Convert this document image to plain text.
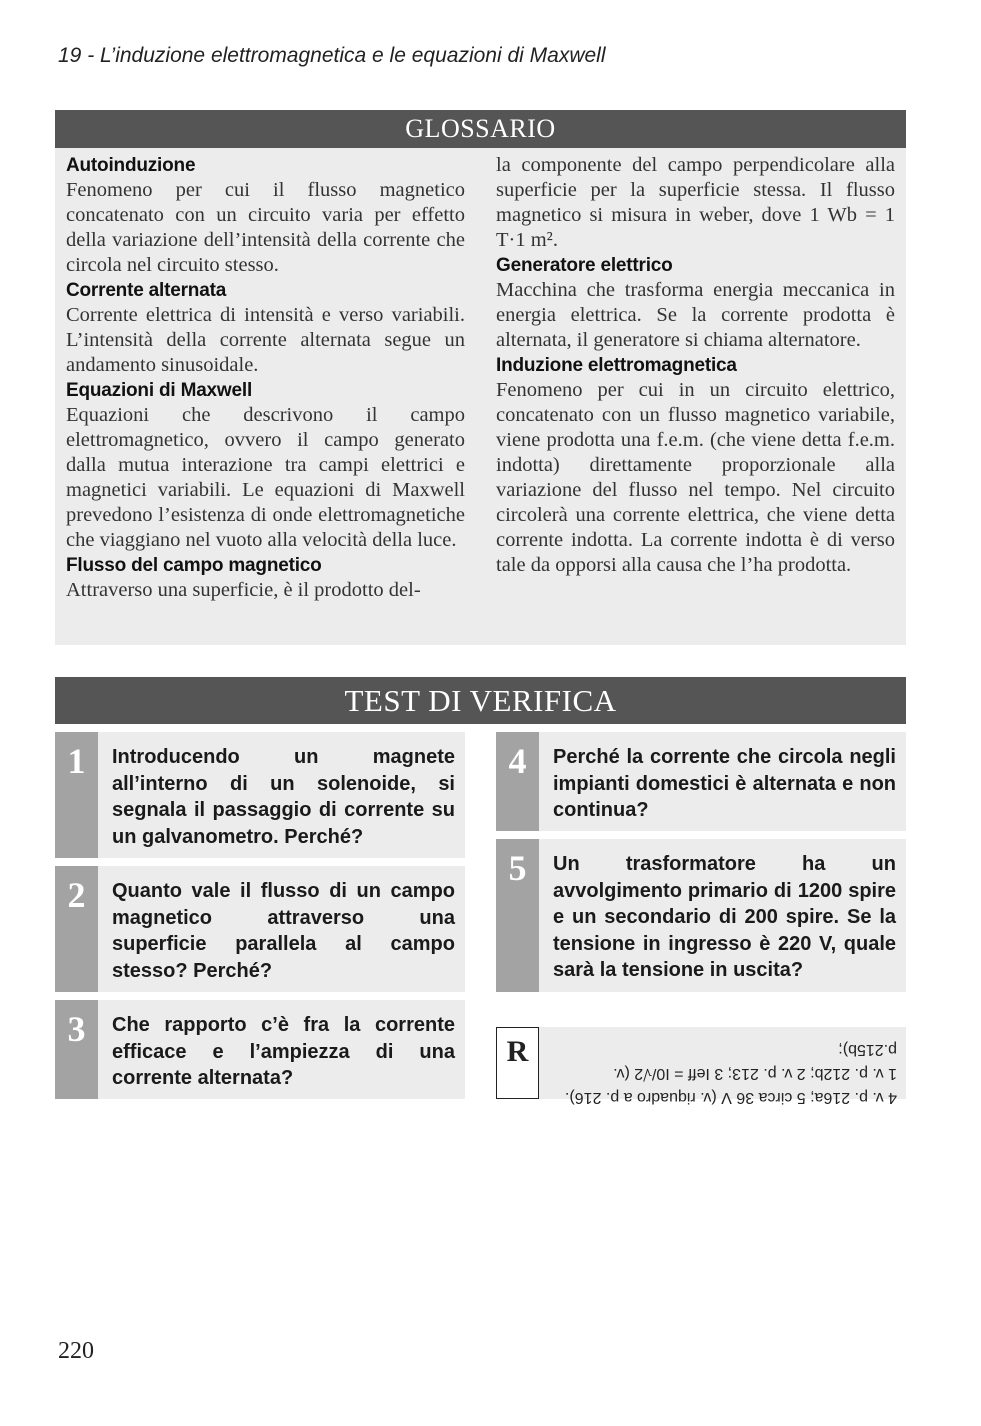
19 - L’induzione elettromagnetica e le equazioni di Maxwell
GLOSSARIO
Autoinduzione
Fenomeno per cui il flusso magnetico concatenato con un circuito varia per effetto della variazione dell’intensità della corrente che circola nel circuito stesso.
Corrente alternata
Corrente elettrica di intensità e verso variabili. L’intensità della corrente alternata segue un andamento sinusoidale.
Equazioni di Maxwell
Equazioni che descrivono il campo elettromagnetico, ovvero il campo generato dalla mutua interazione tra campi elettrici e magnetici variabili. Le equazioni di Maxwell prevedono l’esistenza di onde elettromagnetiche che viaggiano nel vuoto alla velocità della luce.
Flusso del campo magnetico
Attraverso una superficie, è il prodotto del-
la componente del campo perpendicolare alla superficie per la superficie stessa. Il flusso magnetico si misura in weber, dove 1 Wb = 1 T·1 m².
Generatore elettrico
Macchina che trasforma energia meccanica in energia elettrica. Se la corrente prodotta è alternata, il generatore si chiama alternatore.
Induzione elettromagnetica
Fenomeno per cui in un circuito elettrico, concatenato con un flusso magnetico variabile, viene prodotta una f.e.m. (che viene detta f.e.m. indotta) direttamente proporzionale alla variazione del flusso nel tempo. Nel circuito circolerà una corrente elettrica, che viene detta corrente indotta. La corrente indotta è di verso tale da opporsi alla causa che l’ha prodotta.
TEST DI VERIFICA
1	Introducendo un magnete all’interno di un solenoide, si segnala il passaggio di corrente su un galvanometro. Perché?
2	Quanto vale il flusso di un campo magnetico attraverso una superficie parallela al campo stesso? Perché?
3	Che rapporto c’è fra la corrente efficace e l’ampiezza di una corrente alternata?
4	Perché la corrente che circola negli impianti domestici è alternata e non continua?
5	Un trasformatore ha un avvolgimento primario di 1200 spire e un secondario di 200 spire. Se la tensione in ingresso è 220 V, quale sarà la tensione in uscita?
R
4 v. p. 216a; 5 circa 36 V (v. riquadro a p. 216).
1 v. p. 212b; 2 v. p. 213; 3 Ieff = I0/√2 (v. p.215b);
220
